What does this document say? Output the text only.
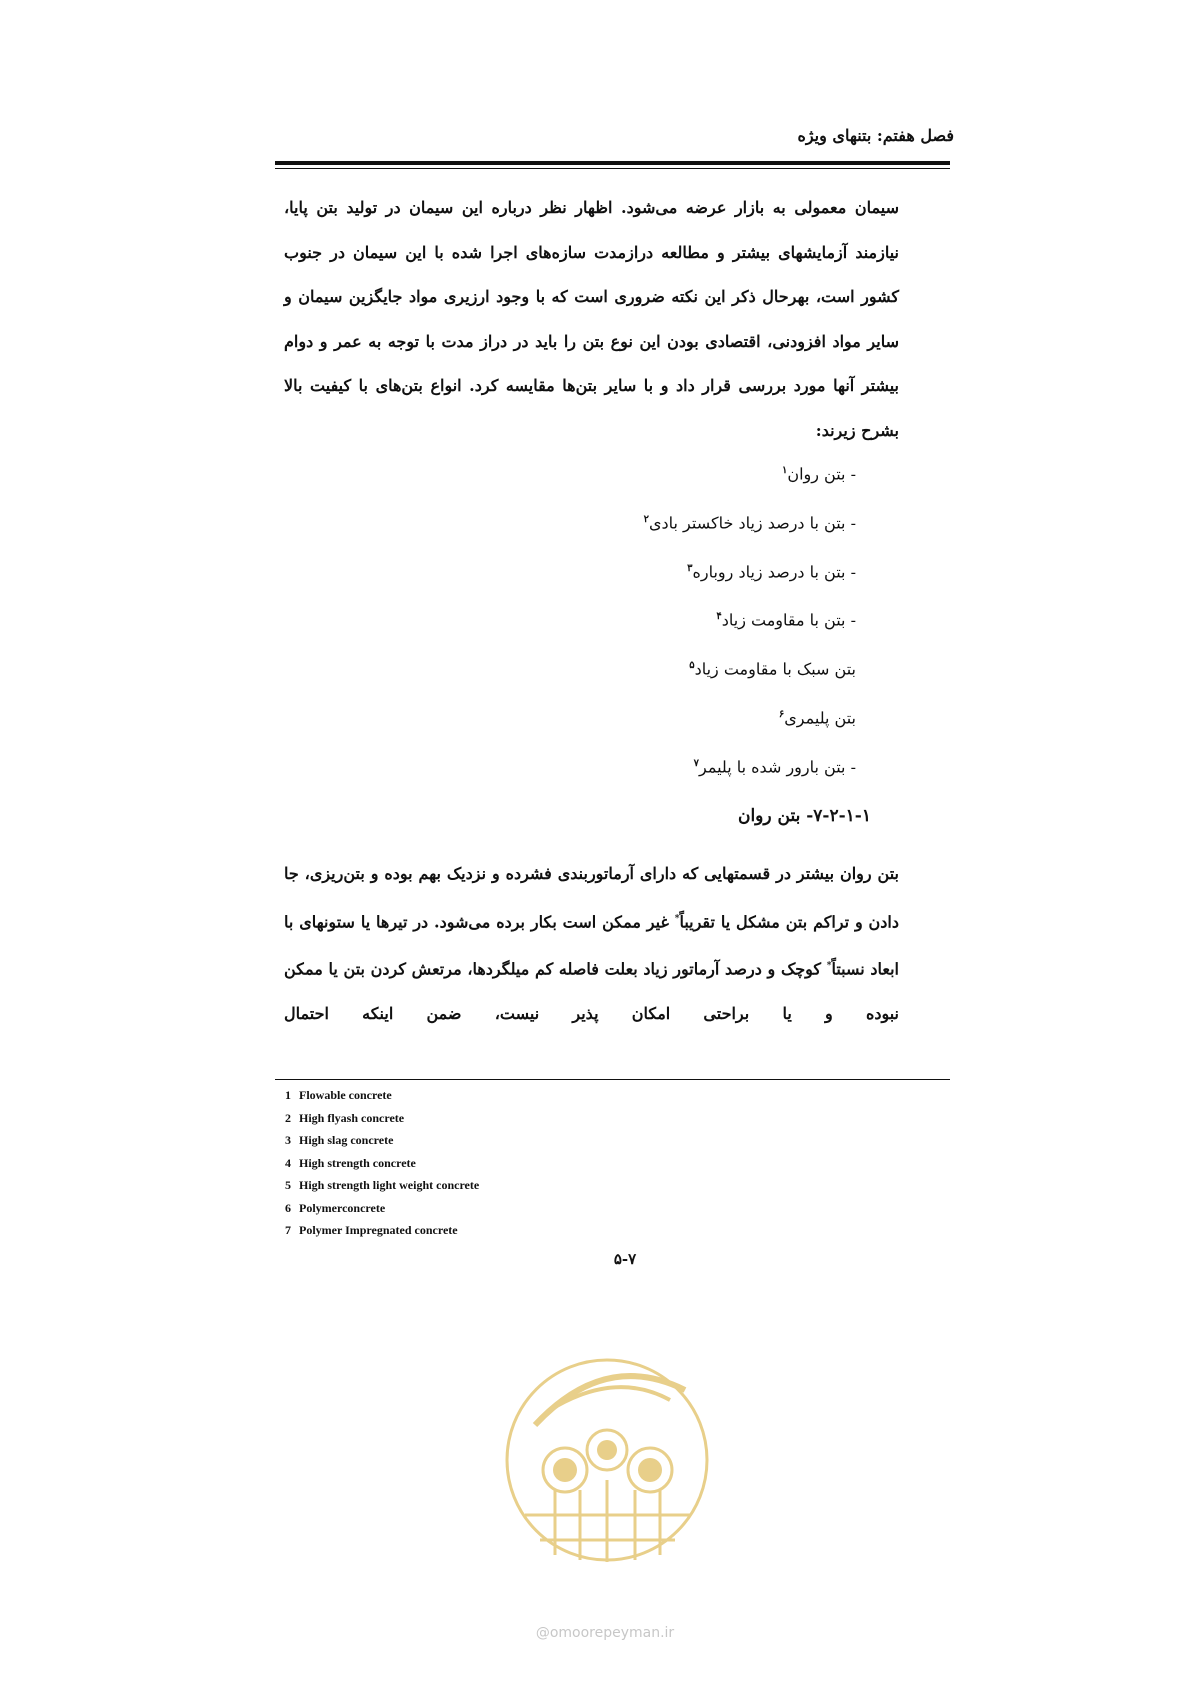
فصل هفتم: بتنهای ویژه

سیمان معمولی به بازار عرضه می‌شود. اظهار نظر درباره این سیمان در تولید بتن پایا، نیازمند آزمایشهای بیشتر و مطالعه درازمدت سازه‌های اجرا شده با این سیمان در جنوب کشور است، بهرحال ذکر این نکته ضروری است که با وجود ارزیری مواد جایگزین سیمان و سایر مواد افزودنی، اقتصادی بودن این نوع بتن را باید در دراز مدت با توجه به عمر و دوام بیشتر آنها مورد بررسی قرار داد و با سایر بتن‌ها مقایسه کرد. انواع بتن‌های با کیفیت بالا بشرح زیرند:

- بتن روان$^۱$
- بتن با درصد زیاد خاکستر بادی$^۲$
- بتن با درصد زیاد روباره$^۳$
- بتن با مقاومت زیاد$^۴$
بتن سبک با مقاومت زیاد$^۵$
بتن پلیمری$^۶$
- بتن بارور شده با پلیمر$^۷$
۷-۲-۱-۱- بتن روان
بتن روان بیشتر در قسمتهایی که دارای آرماتوربندی فشرده و نزدیک بهم بوده و بتن‌ریزی، جا دادن و تراکم بتن مشکل یا تقریباً* غیر ممکن است بکار برده می‌شود. در تیرها یا ستونهای با ابعاد نسبتاً* کوچک و درصد آرماتور زیاد بعلت فاصله کم میلگردها، مرتعش کردن بتن یا ممکن نبوده و یا براحتی امکان پذیر نیست، ضمن اینکه احتمال
1 Flowable concrete
2 High flyash concrete
3 High slag concrete
4 High strength concrete
5 High strength light weight concrete
6 Polymerconcrete
7 Polymer Impregnated concrete
۵-۷
@omoorepeyman.ir
